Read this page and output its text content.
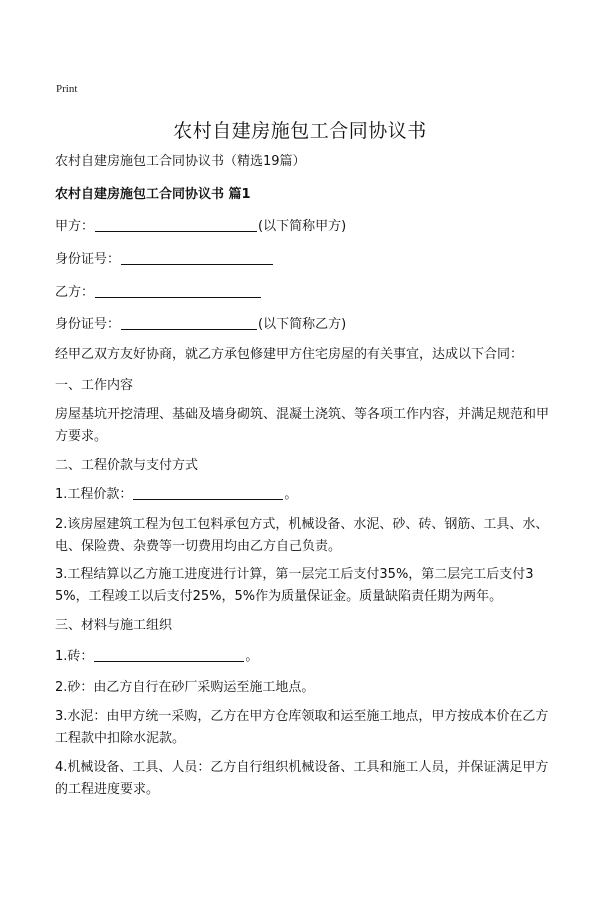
Print
农村自建房施包工合同协议书
农村自建房施包工合同协议书（精选19篇）
农村自建房施包工合同协议书 篇1
甲方：	(以下简称甲方)
身份证号：
乙方：
身份证号：	(以下简称乙方)
经甲乙双方友好协商，就乙方承包修建甲方住宅房屋的有关事宜，达成以下合同：
一、工作内容
房屋基坑开挖清理、基础及墙身砌筑、混凝土浇筑、等各项工作内容，并满足规范和甲方要求。
二、工程价款与支付方式
1.工程价款：	。
2.该房屋建筑工程为包工包料承包方式，机械设备、水泥、砂、砖、钢筋、工具、水、电、保险费、杂费等一切费用均由乙方自己负责。
3.工程结算以乙方施工进度进行计算，第一层完工后支付35%，第二层完工后支付35%，工程竣工以后支付25%，5%作为质量保证金。质量缺陷责任期为两年。
三、材料与施工组织
1.砖：	。
2.砂：由乙方自行在砂厂采购运至施工地点。
3.水泥：由甲方统一采购，乙方在甲方仓库领取和运至施工地点，甲方按成本价在乙方工程款中扣除水泥款。
4.机械设备、工具、人员：乙方自行组织机械设备、工具和施工人员，并保证满足甲方的工程进度要求。
